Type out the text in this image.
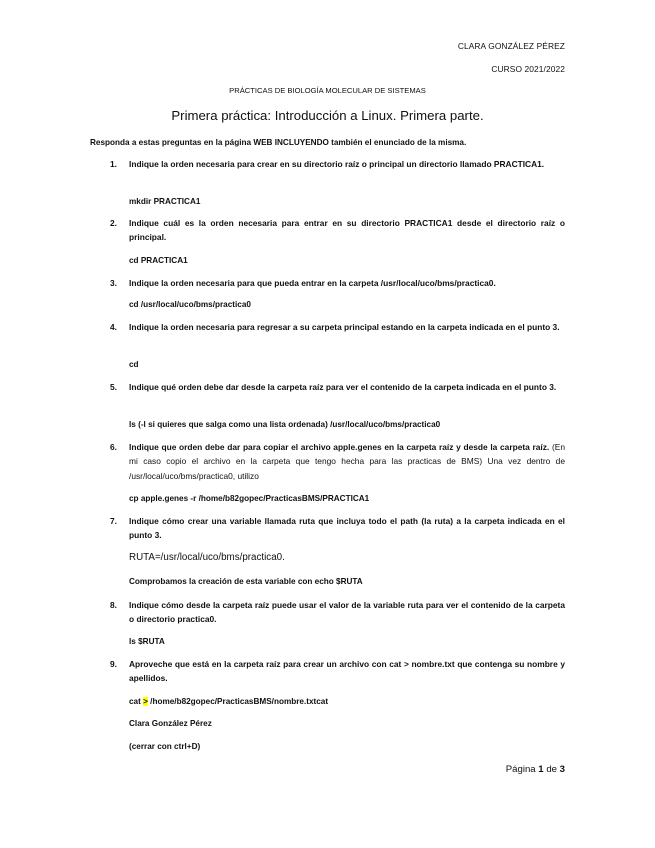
CLARA GONZÁLEZ PÉREZ
CURSO 2021/2022
PRÁCTICAS DE BIOLOGÍA MOLECULAR DE SISTEMAS
Primera práctica: Introducción a Linux. Primera parte.
Responda a estas preguntas en la página WEB INCLUYENDO también el enunciado de la misma.
1. Indique la orden necesaria para crear en su directorio raíz o principal un directorio llamado PRACTICA1.
mkdir PRACTICA1
2. Indique cuál es la orden necesaria para entrar en su directorio PRACTICA1 desde el directorio raíz o principal.
cd PRACTICA1
3. Indique la orden necesaria para que pueda entrar en la carpeta /usr/local/uco/bms/practica0.
cd /usr/local/uco/bms/practica0
4. Indique la orden necesaria para regresar a su carpeta principal estando en la carpeta indicada en el punto 3.
cd
5. Indique qué orden debe dar desde la carpeta raíz para ver el contenido de la carpeta indicada en el punto 3.
ls (-l si quieres que salga como una lista ordenada) /usr/local/uco/bms/practica0
6. Indique que orden debe dar para copiar el archivo apple.genes en la carpeta raíz y desde la carpeta raíz. (En mi caso copio el archivo en la carpeta que tengo hecha para las practicas de BMS) Una vez dentro de /usr/local/uco/bms/practica0, utilizo
cp apple.genes -r /home/b82gopec/PracticasBMS/PRACTICA1
7. Indique cómo crear una variable llamada ruta que incluya todo el path (la ruta) a la carpeta indicada en el punto 3.
RUTA=/usr/local/uco/bms/practica0.
Comprobamos la creación de esta variable con echo $RUTA
8. Indique cómo desde la carpeta raíz puede usar el valor de la variable ruta para ver el contenido de la carpeta o directorio practica0.
ls $RUTA
9. Aproveche que está en la carpeta raíz para crear un archivo con cat > nombre.txt que contenga su nombre y apellidos.
cat > /home/b82gopec/PracticasBMS/nombre.txtcat
Clara González Pérez
(cerrar con ctrl+D)
Página 1 de 3
